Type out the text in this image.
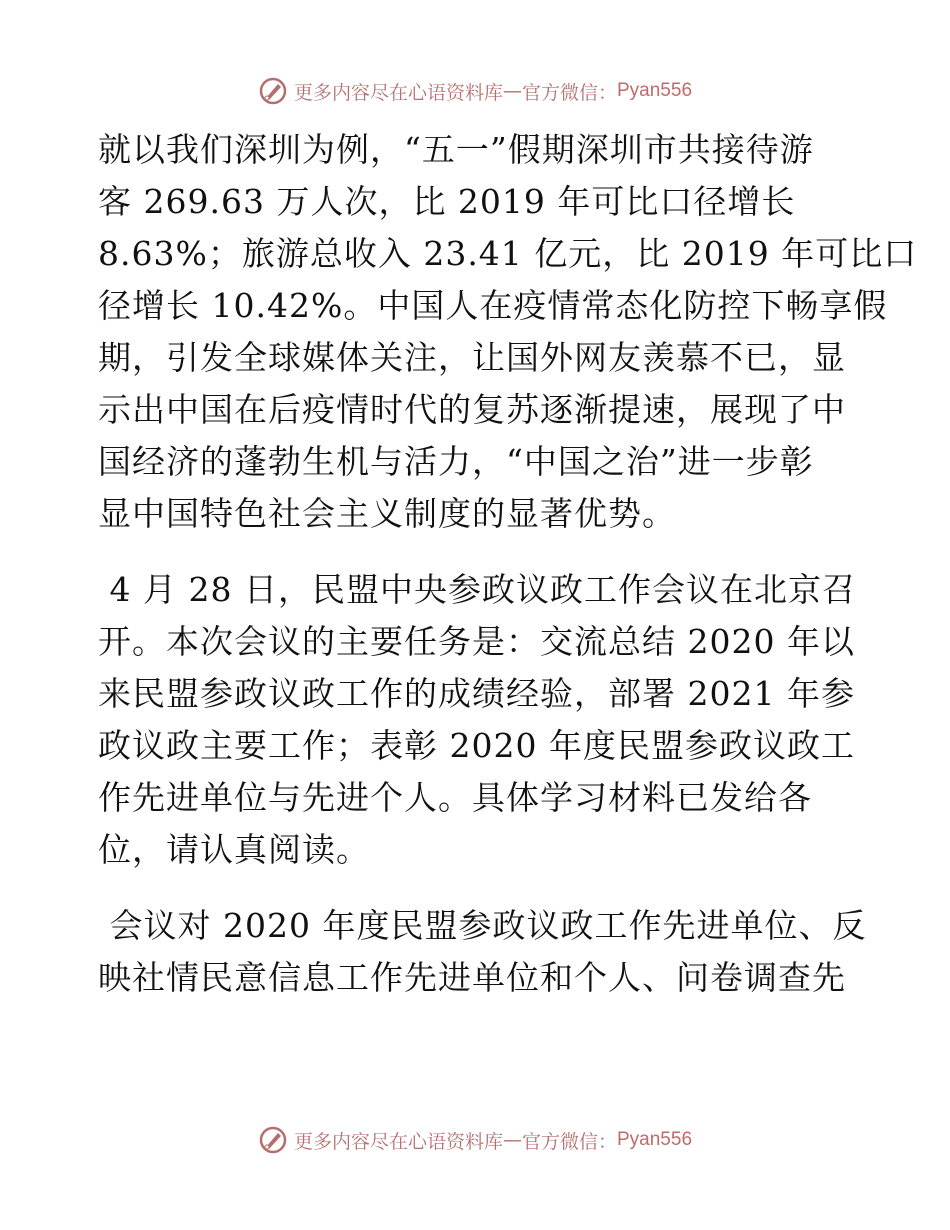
更多内容尽在心语资料库 — 官方微信： Pyan556
就以我们深圳为例，“五一”假期深圳市共接待游
客 269.63 万人次，比 2019 年可比口径增长
8.63%；旅游总收入 23.41 亿元，比 2019 年可比口
径增长 10.42%。中国人在疫情常态化防控下畅享假
期，引发全球媒体关注，让国外网友羡慕不已，显
示出中国在后疫情时代的复苏逐渐提速，展现了中
国经济的蓬勃生机与活力，“中国之治”进一步彰
显中国特色社会主义制度的显著优势。
4 月 28 日，民盟中央参政议政工作会议在北京召
开。本次会议的主要任务是：交流总结 2020 年以
来民盟参政议政工作的成绩经验，部署 2021 年参
政议政主要工作；表彰 2020 年度民盟参政议政工
作先进单位与先进个人。具体学习材料已发给各
位，请认真阅读。
会议对 2020 年度民盟参政议政工作先进单位、反
映社情民意信息工作先进单位和个人、问卷调查先
更多内容尽在心语资料库 — 官方微信： Pyan556
